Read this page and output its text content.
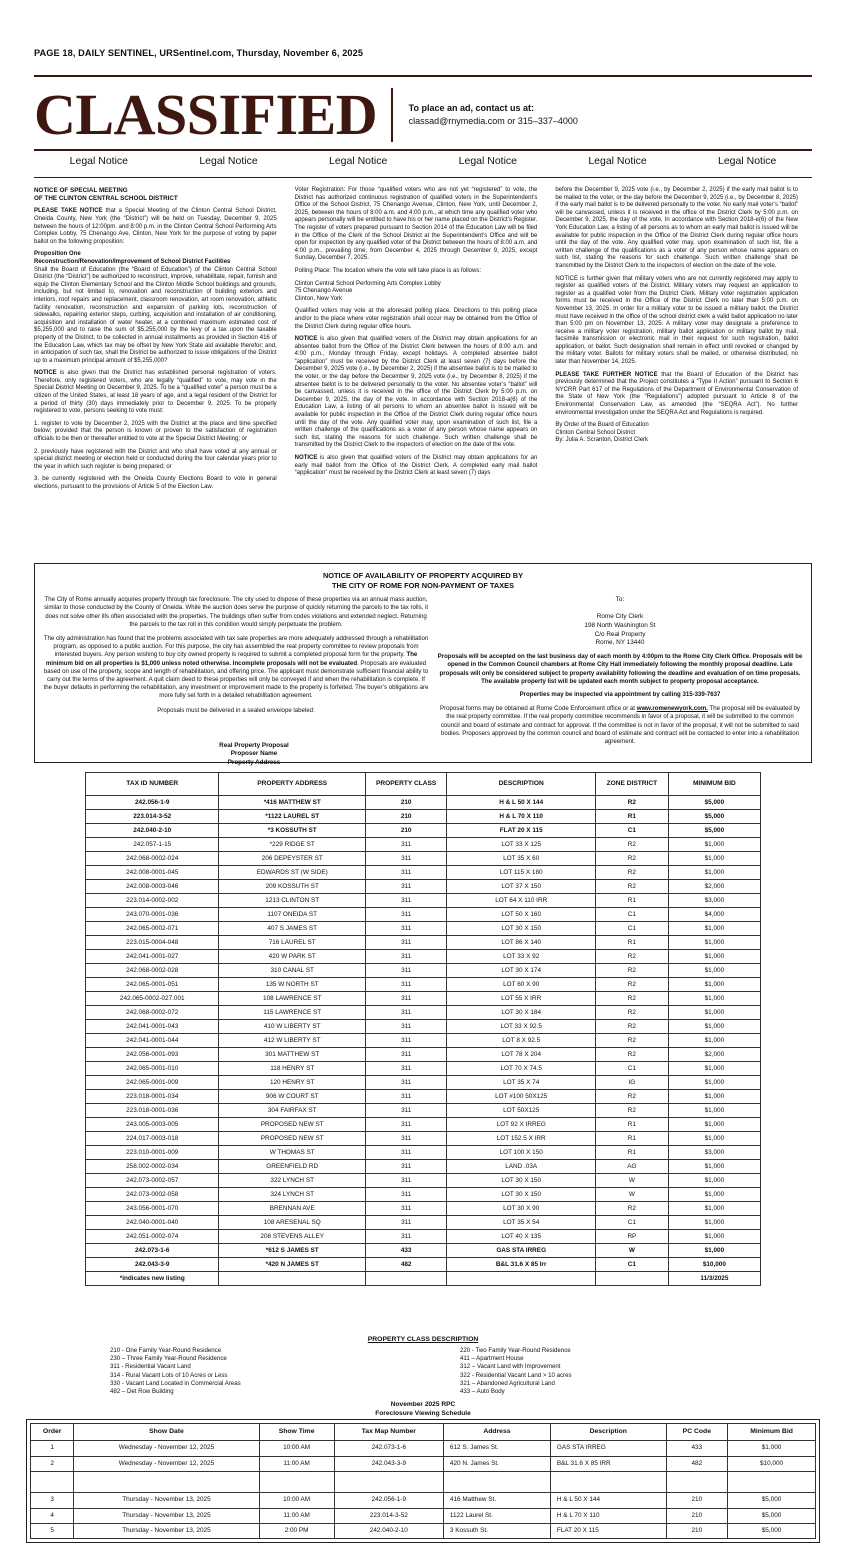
PAGE 18, DAILY SENTINEL, URSentinel.com, Thursday, November 6, 2025
CLASSIFIED	To place an ad, contact us at:
classad@rnymedia.com or 315–337–4000
Legal Notice	Legal Notice	Legal Notice	Legal Notice	Legal Notice	Legal Notice
NOTICE OF SPECIAL MEETING
OF THE CLINTON CENTRAL SCHOOL DISTRICT

PLEASE TAKE NOTICE that a Special Meeting of the Clinton Central School District, Oneida County, New York (the “District”) will be held on Tuesday, December 9, 2025 between the hours of 12:00pm. and 8:00 p.m. in the Clinton Central School Performing Arts Complex Lobby, 75 Chenango Ave, Clinton, New York for the purpose of voting by paper ballot on the following proposition:

Proposition One

Reconstruction/Renovation/Improvement of School District Facilities

Shall the Board of Education (the “Board of Education”) of the Clinton Central School District (the “District”) be authorized to reconstruct, improve, rehabilitate, repair, furnish and equip the Clinton Elementary School and the Clinton Middle School buildings and grounds, including, but not limited to, renovation and reconstruction of building exteriors and interiors, roof repairs and replacement, classroom renovation, art room renovation, athletic facility renovation, reconstruction and expansion of parking lots, reconstruction of sidewalks, repairing exterior steps, curbing, acquisition and installation of air conditioning, acquisition and installation of water heater, at a combined maximum estimated cost of $5,255,000 and to raise the sum of $5,255,000 by the levy of a tax upon the taxable property of the District, to be collected in annual installments as provided in Section 416 of the Education Law, which tax may be offset by New York State aid available therefor; and, in anticipation of such tax, shall the District be authorized to issue obligations of the District up to a maximum principal amount of $5,255,000?

NOTICE is also given that the District has established personal registration of voters. Therefore, only registered voters, who are legally “qualified” to vote, may vote in the Special District Meeting on December 9, 2025. To be a “qualified voter” a person must be a citizen of the United States, at least 18 years of age, and a legal resident of the District for a period of thirty (30) days immediately prior to December 9, 2025. To be properly registered to vote, persons seeking to vote must:

1. register to vote by December 2, 2025 with the District at the place and time specified below; provided that the person is known or proven to the satisfaction of registration officials to be then or thereafter entitled to vote at the Special District Meeting; or

2. previously have registered with the District and who shall have voted at any annual or special district meeting or election held or conducted during the four calendar years prior to the year in which such register is being prepared; or

3. be currently registered with the Oneida County Elections Board to vote in general elections, pursuant to the provisions of Article 5 of the Election Law.

Voter Registration: For those “qualified voters who are not yet “registered” to vote, the District has authorized continuous registration of qualified voters in the Superintendent’s Office of the School District, 75 Chenango Avenue, Clinton, New York, until December 2, 2025, between the hours of 8:00 a.m. and 4:00 p.m., at which time any qualified voter who appears personally will be entitled to have his or her name placed on the District’s Register. The register of voters prepared pursuant to Section 2014 of the Education Law will be filed in the Office of the Clerk of the School District at the Superintendent’s Office and will be open for inspection by any qualified voter of the District between the hours of 8:00 a.m. and 4:00 p.m., prevailing time, from December 4, 2025 through December 9, 2025, except Sunday, December 7, 2025.

Polling Place: The location where the vote will take place is as follows:

Clinton Central School Performing Arts Complex Lobby

75 Chenango Avenue

Clinton, New York

Qualified voters may vote at the aforesaid polling place. Directions to this polling place and/or to the place where voter registration shall occur may be obtained from the Office of the District Clerk during regular office hours.

NOTICE is also given that qualified voters of the District may obtain applications for an absentee ballot from the Office of the District Clerk between the hours of 8:00 a.m. and 4:00 p.m., Monday through Friday, except holidays. A completed absentee ballot “application” must be received by the District Clerk at least seven (7) days before the December 9, 2025 vote (i.e., by December 2, 2025) if the absentee ballot is to be mailed to the voter, or the day before the December 9, 2025 vote (i.e., by December 8, 2025) if the absentee ballot is to be delivered personally to the voter. No absentee voter’s “ballot” will be canvassed, unless it is received in the office of the District Clerk by 5:00 p.m. on December 9, 2025, the day of the vote. In accordance with Section 2018-a(6) of the Education Law, a listing of all persons to whom an absentee ballot is issued will be available for public inspection in the Office of the District Clerk during regular office hours until the day of the vote. Any qualified voter may, upon examination of such list, file a written challenge of the qualifications as a voter of any person whose name appears on such list, stating the reasons for such challenge. Such written challenge shall be transmitted by the District Clerk to the inspectors of election on the date of the vote.

NOTICE is also given that qualified voters of the District may obtain applications for an early mail ballot from the Office of the District Clerk. A completed early mail ballot “application” must be received by the District Clerk at least seven (7) days

before the December 9, 2025 vote (i.e., by December 2, 2025) if the early mail ballot is to be mailed to the voter, or the day before the December 9, 2025 (i.e., by December 8, 2025) if the early mail ballot is to be delivered personally to the voter. No early mail voter’s “ballot” will be canvassed, unless it is received in the office of the District Clerk by 5:00 p.m. on December 9, 2025, the day of the vote. In accordance with Section 2018-e(6) of the New York Education Law, a listing of all persons as to whom an early mail ballot is issued will be available for public inspection in the Office of the District Clerk during regular office hours until the day of the vote. Any qualified voter may, upon examination of such list, file a written challenge of the qualifications as a voter of any person whose name appears on such list, stating the reasons for such challenge. Such written challenge shall be transmitted by the District Clerk to the inspectors of election on the date of the vote.

NOTICE is further given that military voters who are not currently registered may apply to register as qualified voters of the District. Military voters may request an application to register as a qualified voter from the District Clerk. Military voter registration application forms must be received in the Office of the District Clerk no later than 5:00 p.m. on November 13, 2025. In order for a military voter to be issued a military ballot, the District must have received in the office of the school district clerk a valid ballot application no later than 5:00 pm on November 13, 2025. A military voter may designate a preference to receive a military voter registration, military ballot application or military ballot by mail, facsimile transmission or electronic mail in their request for such registration, ballot application, or ballot. Such designation shall remain in effect until revoked or changed by the military voter. Ballots for military voters shall be mailed, or otherwise distributed, no later than November 14, 2025.

PLEASE TAKE FURTHER NOTICE that the Board of Education of the District has previously determined that the Project constitutes a “Type II Action” pursuant to Section 6 NYCRR Part 617 of the Regulations of the Department of Environmental Conservation of the State of New York (the “Regulations”) adopted pursuant to Article 8 of the Environmental Conservation Law, as amended (the “SEQRA Act”). No further environmental investigation under the SEQRA Act and Regulations is required.

By Order of the Board of Education

Clinton Central School District

By: Julia A. Scranton, District Clerk

NOTICE OF AVAILABILITY OF PROPERTY ACQUIRED BY
THE CITY OF ROME FOR NON-PAYMENT OF TAXES

The City of Rome annually acquires property through tax foreclosure. The city used to dispose of these properties via an annual mass auction, similar to those conducted by the County of Oneida. While the auction does serve the purpose of quickly returning the parcels to the tax rolls, it does not solve other ills often associated with the properties. The buildings often suffer from codes violations and extended neglect. Returning the parcels to the tax roll in this condition would simply perpetuate the problem.

The city administration has found that the problems associated with tax sale properties are more adequately addressed through a rehabilitation program, as opposed to a public auction. For this purpose, the city has assembled the real property committee to review proposals from interested buyers. Any person wishing to buy city owned property is required to submit a completed proposal form for the property. The minimum bid on all properties is $1,000 unless noted otherwise. Incomplete proposals will not be evaluated. Proposals are evaluated based on use of the property, scope and length of rehabilitation, and offering price. The applicant must demonstrate sufficient financial ability to carry out the terms of the agreement. A quit claim deed to these properties will only be conveyed if and when the rehabilitation is complete. If the buyer defaults in performing the rehabilitation, any investment or improvement made to the property is forfeited. The buyer’s obligations are more fully set forth in a detailed rehabilitation agreement.

Proposals must be delivered in a sealed envelope labeled:

To:

Rome City Clerk
198 North Washington St
C/o Real Property
Rome, NY 13440

Proposals will be accepted on the last business day of each month by 4:00pm to the Rome City Clerk Office. Proposals will be opened in the Common Council chambers at Rome City Hall immediately following the monthly proposal deadline. Late proposals will only be considered subject to property availability following the deadline and evaluation of on time proposals. The available property list will be updated each month subject to property proposal acceptance.

Properties may be inspected via appointment by calling 315-339-7637

Proposal forms may be obtained at Rome Code Enforcement office or at www.romenewyork.com. The proposal will be evaluated by the real property committee. If the real property committee recommends in favor of a proposal, it will be submitted to the common council and board of estimate and contract for approval. If the committee is not in favor of the proposal; it will not be submitted to said bodies. Proposers approved by the common council and board of estimate and contract will be contacted to enter into a rehabilitation agreement.

Real Property Proposal
Proposer Name
Property Address
TAX ID NUMBER	PROPERTY ADDRESS	PROPERTY CLASS	DESCRIPTION	ZONE DISTRICT	MINIMUM BID
242.056-1-9	*416 MATTHEW ST	210	H & L 50 X 144	R2	$5,000
223.014-3-52	*1122 LAUREL ST	210	H & L 70 X 110	R1	$5,000
242.040-2-10	*3 KOSSUTH ST	210	FLAT 20 X 115	C1	$5,000
242.057-1-15	*229 RIDGE ST	311	LOT 33 X 125	R2	$1,000
242.068-0002-024	206 DEPEYSTER ST	311	LOT 35 X 60	R2	$1,000
242.008-0001-045	EDWARDS ST (W SIDE)	311	LOT 115 X 180	R2	$1,000
242.008-0003-046	209 KOSSUTH ST	311	LOT 37 X 150	R2	$2,000
223.014-0002-002	1213 CLINTON ST	311	LOT 64 X 110 IRR	R1	$3,000
243.070-0001-036	1107 ONEIDA ST	311	LOT 50 X 160	C1	$4,000
242.065-0002-071	407 S JAMES ST	311	LOT 30 X 150	C1	$1,000
223.015-0004-048	716 LAUREL ST	311	LOT 86 X 140	R1	$1,000
242.041-0001-027	420 W PARK ST	311	LOT 33 X 92	R2	$1,000
242.068-0002-028	310 CANAL ST	311	LOT 30 X 174	R2	$1,000
242.065-0001-051	135 W NORTH ST	311	LOT 60 X 90	R2	$1,000
242.065-0002-027.001	108 LAWRENCE ST	311	LOT 55 X IRR	R2	$1,000
242.068-0002-072	115 LAWRENCE ST	311	LOT 30 X 184	R2	$1,000
242.041-0001-043	410 W LIBERTY ST	311	LOT 33 X 92.5	R2	$1,000
242.041-0001-044	412 W LIBERTY ST	311	LOT 8 X 92.5	R2	$1,000
242.056-0001-093	301 MATTHEW ST	311	LOT 78 X 204	R2	$2,000
242.065-0001-010	118 HENRY ST	311	LOT 70 X 74.5	C1	$1,000
242.065-0001-009	120 HENRY ST	311	LOT 35 X 74	IG	$1,000
223.018-0001-034	906 W COURT ST	311	LOT #100 50X125	R2	$1,000
223.018-0001-036	304 FAIRFAX ST	311	LOT 50X125	R2	$1,000
243.005-0003-005	PROPOSED NEW ST	311	LOT 92 X IRREG	R1	$1,000
224.017-0003-018	PROPOSED NEW ST	311	LOT 152.5 X IRR	R1	$1,000
223.010-0001-009	W THOMAS ST	311	LOT 100 X 150	R1	$3,000
258.002-0002-034	GREENFIELD RD	311	LAND .03A	AG	$1,000
242.073-0002-057	322 LYNCH ST	311	LOT 30 X 150	W	$1,000
242.073-0002-058	324 LYNCH ST	311	LOT 30 X 150	W	$1,000
243.056-0001-070	BRENNAN AVE	311	LOT 30 X 90	R2	$1,000
242.040-0001-040	108 ARESENAL SQ	311	LOT 35 X 54	C1	$1,000
242.051-0002-074	208 STEVENS ALLEY	311	LOT 40 X 135	RP	$1,000
242.073-1-6	*612 S JAMES ST	433	GAS STA IRREG	W	$1,000
242.043-3-9	*420 N JAMES ST	482	B&L 31.6 X 85 Irr	C1	$10,000
*indicates new listing					11/3/2025
PROPERTY CLASS DESCRIPTION
210 - One Family Year-Round Residence
230 – Three Family Year-Round Residence
311 - Residential Vacant Land
314 - Rural Vacant Lots of 10 Acres or Less
330 - Vacant Land Located in Commercial Areas
482 – Det Row Building
220 - Two Family Year-Round Residence
411 – Apartment House
312 – Vacant Land with Improvement
322 - Residential Vacant Land > 10 acres
321 – Abandoned Agricultural Land
433 – Auto Body
November 2025 RPC
Foreclosure Viewing Schedule
Order	Show Date	Show Time	Tax Map Number	Address	Description	PC Code	Minimum Bid
1	Wednesday - November 12, 2025	10:00 AM	242.073-1-6	612 S. James St.	GAS STA IRREG	433	$1,000
2	Wednesday - November 12, 2025	11:00 AM	242.043-3-9	420 N. James St.	B&L 31.6 X 85 IRR	482	$10,000

3	Thursday - November 13, 2025	10:00 AM	242.056-1-9	416 Matthew St.	H & L 50 X 144	210	$5,000
4	Thursday - November 13, 2025	11:00 AM	223.014-3-52	1122 Laurel St.	H & L 70 X 110	210	$5,000
5	Thursday - November 13, 2025	2:00 PM	242.040-2-10	3 Kossuth St.	FLAT 20 X 115	210	$5,000
